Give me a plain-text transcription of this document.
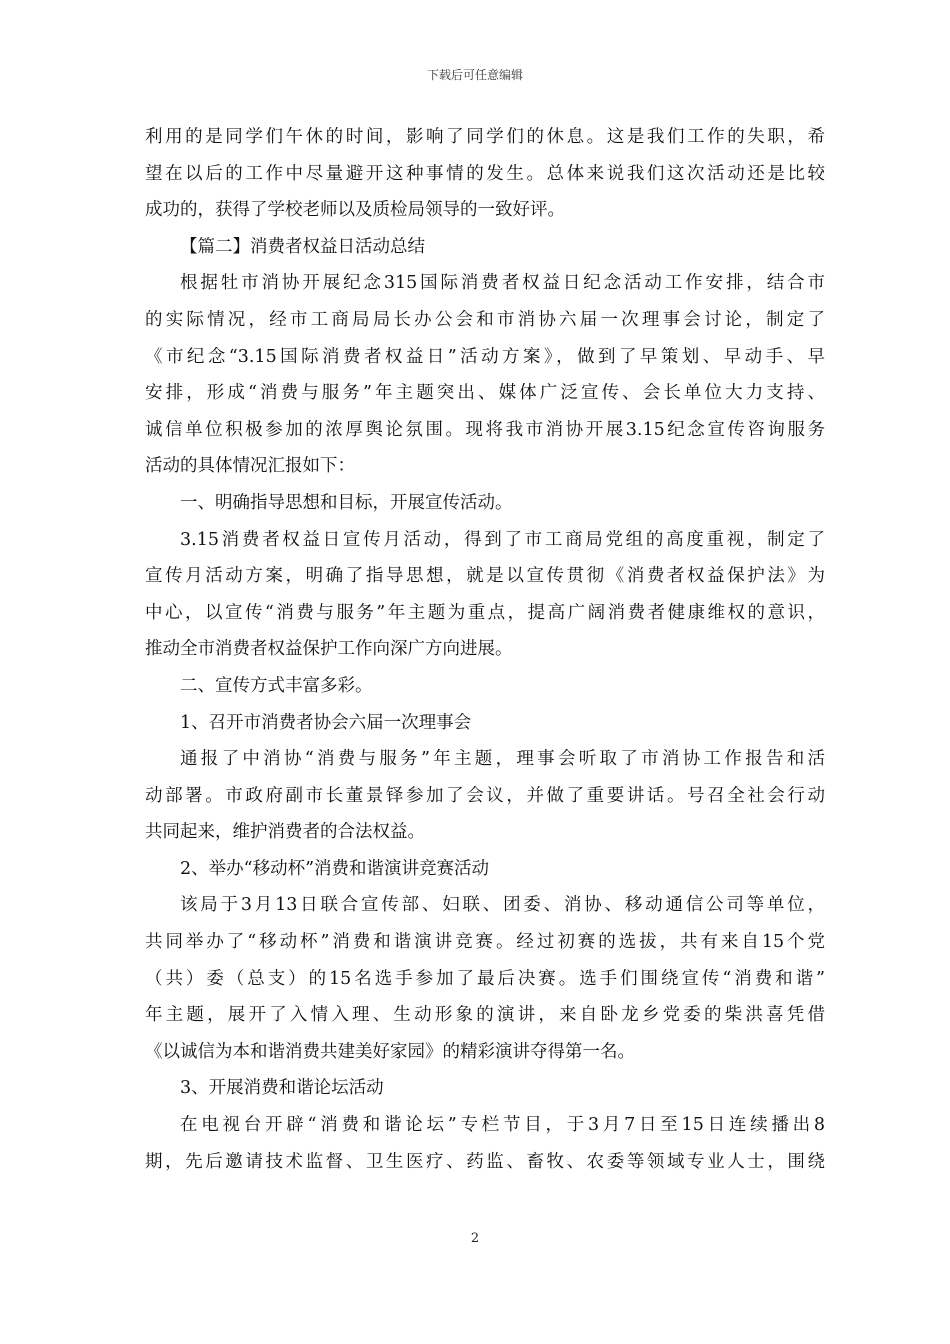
下载后可任意编辑
利用的是同学们午休的时间，影响了同学们的休息。这是我们工作的失职，希
望在以后的工作中尽量避开这种事情的发生。总体来说我们这次活动还是比较
成功的，获得了学校老师以及质检局领导的一致好评。
【篇二】消费者权益日活动总结
根据牡市消协开展纪念315国际消费者权益日纪念活动工作安排，结合市
的实际情况，经市工商局局长办公会和市消协六届一次理事会讨论，制定了
《市纪念“3.15国际消费者权益日”活动方案》，做到了早策划、早动手、早
安排，形成“消费与服务”年主题突出、媒体广泛宣传、会长单位大力支持、
诚信单位积极参加的浓厚舆论氛围。现将我市消协开展3.15纪念宣传咨询服务
活动的具体情况汇报如下：
一、明确指导思想和目标，开展宣传活动。
3.15消费者权益日宣传月活动，得到了市工商局党组的高度重视，制定了
宣传月活动方案，明确了指导思想，就是以宣传贯彻《消费者权益保护法》为
中心，以宣传“消费与服务”年主题为重点，提高广阔消费者健康维权的意识，
推动全市消费者权益保护工作向深广方向进展。
二、宣传方式丰富多彩。
1、召开市消费者协会六届一次理事会
通报了中消协“消费与服务”年主题，理事会听取了市消协工作报告和活
动部署。市政府副市长董景铎参加了会议，并做了重要讲话。号召全社会行动
共同起来，维护消费者的合法权益。
2、举办“移动杯”消费和谐演讲竞赛活动
该局于3月13日联合宣传部、妇联、团委、消协、移动通信公司等单位，
共同举办了“移动杯”消费和谐演讲竞赛。经过初赛的选拔，共有来自15个党
（共）委（总支）的15名选手参加了最后决赛。选手们围绕宣传“消费和谐”
年主题，展开了入情入理、生动形象的演讲，来自卧龙乡党委的柴洪喜凭借
《以诚信为本和谐消费共建美好家园》的精彩演讲夺得第一名。
3、开展消费和谐论坛活动
在电视台开辟“消费和谐论坛”专栏节目，于3月7日至15日连续播出8
期，先后邀请技术监督、卫生医疗、药监、畜牧、农委等领域专业人士，围绕
2
